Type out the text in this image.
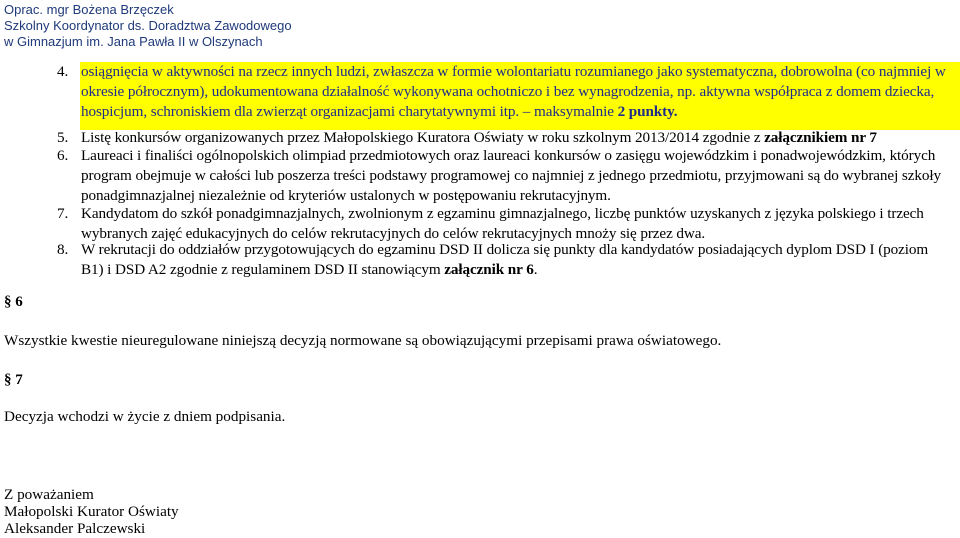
Oprac. mgr Bożena Brzęczek
Szkolny Koordynator ds. Doradztwa Zawodowego
w Gimnazjum im. Jana Pawła II w Olszynach
4. osiągnięcia w aktywności na rzecz innych ludzi, zwłaszcza w formie wolontariatu rozumianego jako systematyczna, dobrowolna (co najmniej w okresie półrocznym), udokumentowana działalność wykonywana ochotniczo i bez wynagrodzenia, np. aktywna współpraca z domem dziecka, hospicjum, schroniskiem dla zwierząt organizacjami charytatywnymi itp. – maksymalnie 2 punkty.
5. Listę konkursów organizowanych przez Małopolskiego Kuratora Oświaty w roku szkolnym 2013/2014 zgodnie z załącznikiem nr 7
6. Laureaci i finaliści ogólnopolskich olimpiad przedmiotowych oraz laureaci konkursów o zasięgu wojewódzkim i ponadwojewódzkim, których program obejmuje w całości lub poszerza treści podstawy programowej co najmniej z jednego przedmiotu, przyjmowani są do wybranej szkoły ponadgimnazjalnej niezależnie od kryteriów ustalonych w postępowaniu rekrutacyjnym.
7. Kandydatom do szkół ponadgimnazjalnych, zwolnionym z egzaminu gimnazjalnego, liczbę punktów uzyskanych z języka polskiego i trzech wybranych zajęć edukacyjnych do celów rekrutacyjnych do celów rekrutacyjnych mnoży się przez dwa.
8. W rekrutacji do oddziałów przygotowujących do egzaminu DSD II dolicza się punkty dla kandydatów posiadających dyplom DSD I (poziom B1) i DSD A2 zgodnie z regulaminem DSD II stanowiącym załącznik nr 6.
§ 6
Wszystkie kwestie nieuregulowane niniejszą decyzją normowane są obowiązującymi przepisami prawa oświatowego.
§ 7
Decyzja wchodzi w życie z dniem podpisania.
Z poważaniem
Małopolski Kurator Oświaty
Aleksander Palczewski
